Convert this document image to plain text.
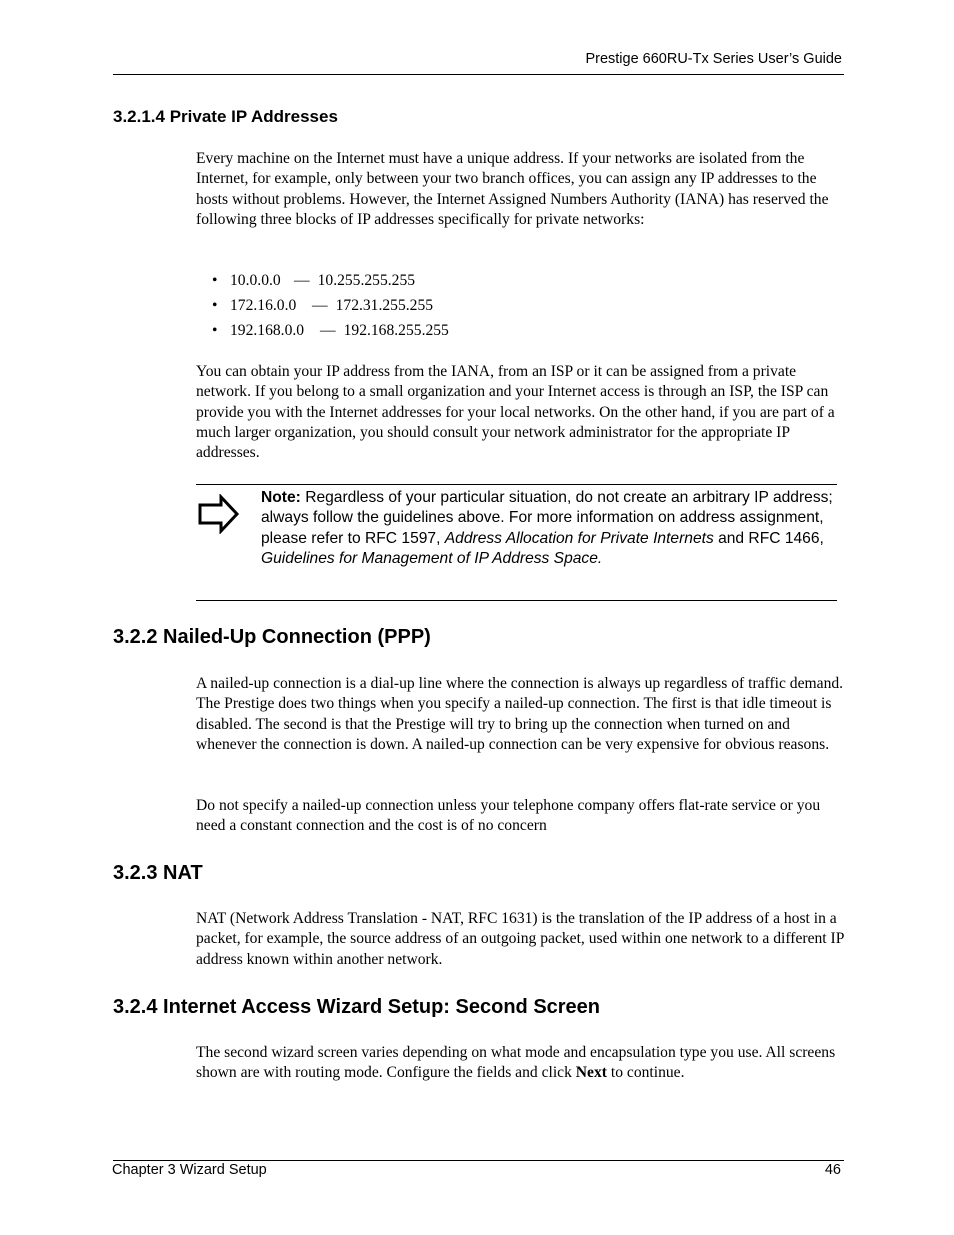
Prestige 660RU-Tx Series User’s Guide
3.2.1.4 Private IP Addresses
Every machine on the Internet must have a unique address. If your networks are isolated from the Internet, for example, only between your two branch offices, you can assign any IP addresses to the hosts without problems. However, the Internet Assigned Numbers Authority (IANA) has reserved the following three blocks of IP addresses specifically for private networks:
• 10.0.0.0 — 10.255.255.255
• 172.16.0.0 — 172.31.255.255
• 192.168.0.0 — 192.168.255.255
You can obtain your IP address from the IANA, from an ISP or it can be assigned from a private network. If you belong to a small organization and your Internet access is through an ISP, the ISP can provide you with the Internet addresses for your local networks. On the other hand, if you are part of a much larger organization, you should consult your network administrator for the appropriate IP addresses.
Note: Regardless of your particular situation, do not create an arbitrary IP address; always follow the guidelines above. For more information on address assignment, please refer to RFC 1597, Address Allocation for Private Internets and RFC 1466, Guidelines for Management of IP Address Space.
3.2.2 Nailed-Up Connection (PPP)
A nailed-up connection is a dial-up line where the connection is always up regardless of traffic demand. The Prestige does two things when you specify a nailed-up connection. The first is that idle timeout is disabled. The second is that the Prestige will try to bring up the connection when turned on and whenever the connection is down. A nailed-up connection can be very expensive for obvious reasons.
Do not specify a nailed-up connection unless your telephone company offers flat-rate service or you need a constant connection and the cost is of no concern
3.2.3 NAT
NAT (Network Address Translation - NAT, RFC 1631) is the translation of the IP address of a host in a packet, for example, the source address of an outgoing packet, used within one network to a different IP address known within another network.
3.2.4 Internet Access Wizard Setup: Second Screen
The second wizard screen varies depending on what mode and encapsulation type you use. All screens shown are with routing mode. Configure the fields and click Next to continue.
Chapter 3 Wizard Setup	46
